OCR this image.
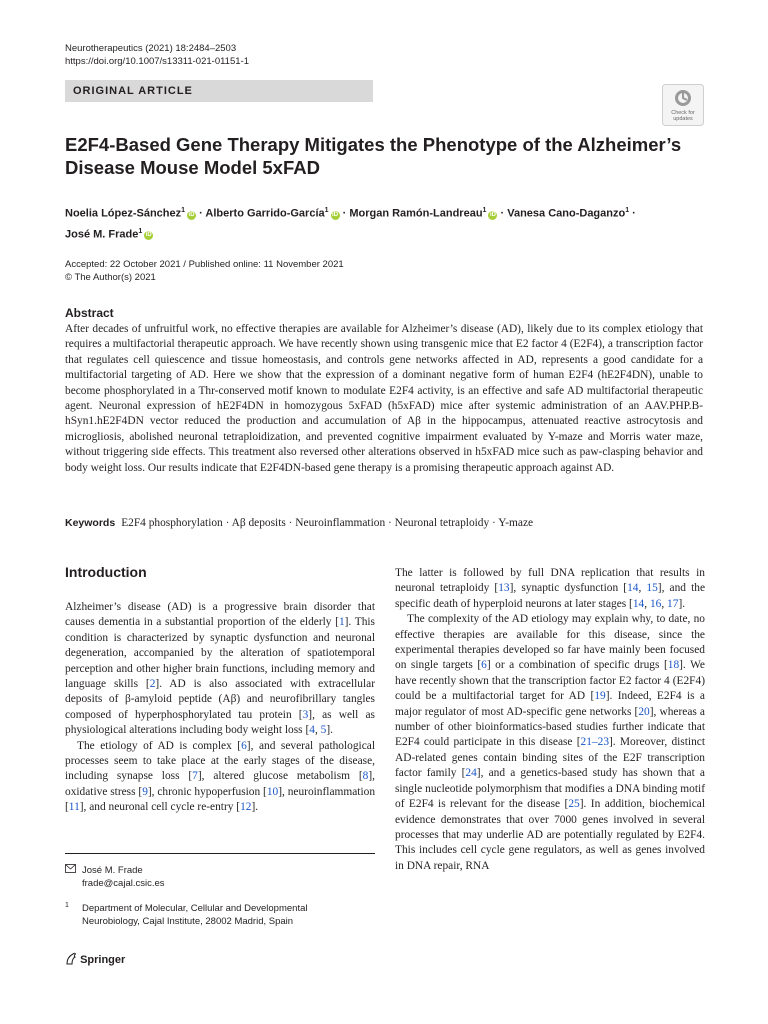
Neurotherapeutics (2021) 18:2484–2503
https://doi.org/10.1007/s13311-021-01151-1
ORIGINAL ARTICLE
Check for
updates
E2F4-Based Gene Therapy Mitigates the Phenotype of the Alzheimer’s Disease Mouse Model 5xFAD
Noelia López-Sánchez$^1$iD · Alberto Garrido-García$^1$iD · Morgan Ramón-Landreau$^1$iD · Vanesa Cano-Daganzo$^1$ ·
José M. Frade$^1$iD
Accepted: 22 October 2021 / Published online: 11 November 2021
© The Author(s) 2021
Abstract

After decades of unfruitful work, no effective therapies are available for Alzheimer’s disease (AD), likely due to its complex etiology that requires a multifactorial therapeutic approach. We have recently shown using transgenic mice that E2 factor 4 (E2F4), a transcription factor that regulates cell quiescence and tissue homeostasis, and controls gene networks affected in AD, represents a good candidate for a multifactorial targeting of AD. Here we show that the expression of a dominant negative form of human E2F4 (hE2F4DN), unable to become phosphorylated in a Thr-conserved motif known to modulate E2F4 activity, is an effective and safe AD multifactorial therapeutic agent. Neuronal expression of hE2F4DN in homozygous 5xFAD (h5xFAD) mice after systemic administration of an AAV.PHP.B-hSyn1.hE2F4DN vector reduced the production and accumulation of Aβ in the hippocampus, attenuated reactive astrocytosis and microgliosis, abolished neuronal tetraploidization, and prevented cognitive impairment evaluated by Y-maze and Morris water maze, without triggering side effects. This treatment also reversed other alterations observed in h5xFAD mice such as paw-clasping behavior and body weight loss. Our results indicate that E2F4DN-based gene therapy is a promising therapeutic approach against AD.

Keywords E2F4 phosphorylation · Aβ deposits · Neuroinflammation · Neuronal tetraploidy · Y-maze
Introduction

Alzheimer’s disease (AD) is a progressive brain disorder that causes dementia in a substantial proportion of the elderly [1]. This condition is characterized by synaptic dysfunction and neuronal degeneration, accompanied by the alteration of spatiotemporal perception and other higher brain functions, including memory and language skills [2]. AD is also associated with extracellular deposits of β-amyloid peptide (Aβ) and neurofibrillary tangles composed of hyperphosphorylated tau protein [3], as well as physiological alterations including body weight loss [4, 5].

The etiology of AD is complex [6], and several pathological processes seem to take place at the early stages of the disease, including synapse loss [7], altered glucose metabolism [8], oxidative stress [9], chronic hypoperfusion [10], neuroinflammation [11], and neuronal cell cycle re-entry [12].

The latter is followed by full DNA replication that results in neuronal tetraploidy [13], synaptic dysfunction [14, 15], and the specific death of hyperploid neurons at later stages [14, 16, 17].

The complexity of the AD etiology may explain why, to date, no effective therapies are available for this disease, since the experimental therapies developed so far have mainly been focused on single targets [6] or a combination of specific drugs [18]. We have recently shown that the transcription factor E2 factor 4 (E2F4) could be a multifactorial target for AD [19]. Indeed, E2F4 is a major regulator of most AD-specific gene networks [20], whereas a number of other bioinformatics-based studies further indicate that E2F4 could participate in this disease [21–23]. Moreover, distinct AD-related genes contain binding sites of the E2F transcription factor family [24], and a genetics-based study has shown that a single nucleotide polymorphism that modifies a DNA binding motif of E2F4 is relevant for the disease [25]. In addition, biochemical evidence demonstrates that over 7000 genes involved in several processes that may underlie AD are potentially regulated by E2F4. This includes cell cycle gene regulators, as well as genes involved in DNA repair, RNA

José M. Frade
frade@cajal.csic.es
1	Department of Molecular, Cellular and Developmental
Neurobiology, Cajal Institute, 28002 Madrid, Spain
Springer
